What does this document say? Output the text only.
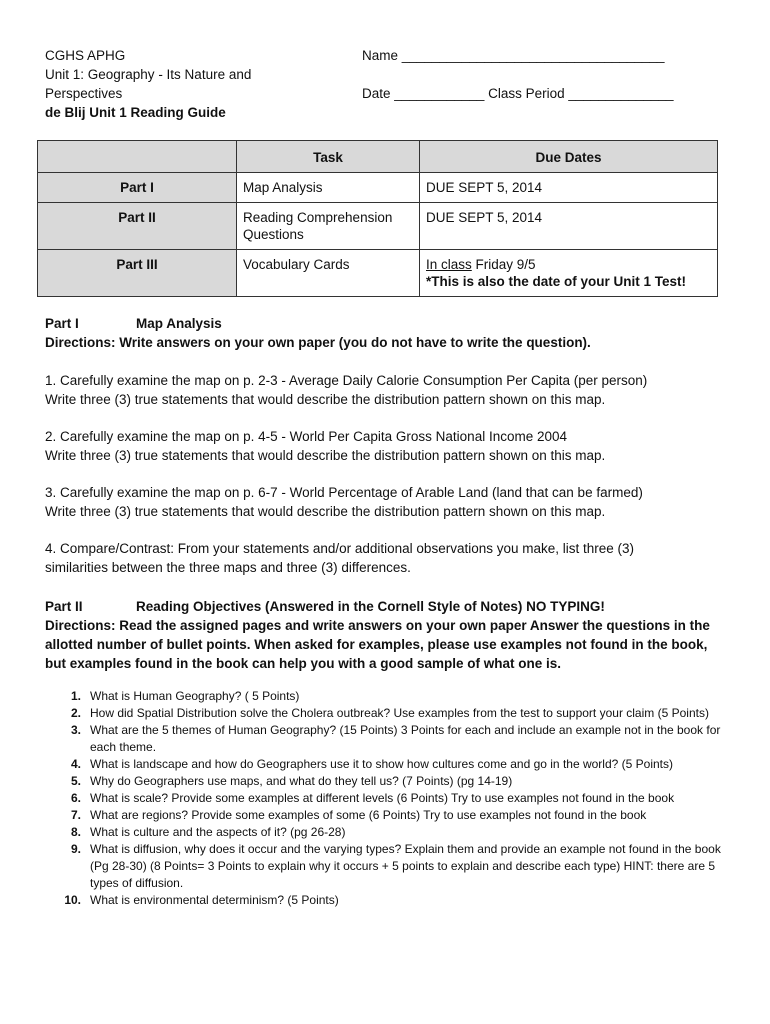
CGHS APHG
Unit 1: Geography - Its Nature and
Perspectives
de Blij Unit 1 Reading Guide
Name ___________________________________
Date ____________ Class Period ______________
	Task	Due Dates
Part I	Map Analysis	DUE SEPT 5, 2014
Part II	Reading Comprehension Questions	DUE SEPT 5, 2014
Part III	Vocabulary Cards	In class Friday 9/5
*This is also the date of your Unit 1 Test!
Part I	Map Analysis
Directions: Write answers on your own paper (you do not have to write the question).
1. Carefully examine the map on p. 2-3 - Average Daily Calorie Consumption Per Capita (per person)
Write three (3) true statements that would describe the distribution pattern shown on this map.
2. Carefully examine the map on p. 4-5 - World Per Capita Gross National Income 2004
Write three (3) true statements that would describe the distribution pattern shown on this map.
3. Carefully examine the map on p. 6-7 - World Percentage of Arable Land (land that can be farmed)
Write three (3) true statements that would describe the distribution pattern shown on this map.
4. Compare/Contrast: From your statements and/or additional observations you make, list three (3)
similarities between the three maps and three (3) differences.
Part II	Reading Objectives (Answered in the Cornell Style of Notes) NO TYPING!
Directions: Read the assigned pages and write answers on your own paper Answer the questions in the allotted number of bullet points. When asked for examples, please use examples not found in the book, but examples found in the book can help you with a good sample of what one is.
1. What is Human Geography? ( 5 Points)
2. How did Spatial Distribution solve the Cholera outbreak? Use examples from the test to support your claim (5 Points)
3. What are the 5 themes of Human Geography? (15 Points) 3 Points for each and include an example not in the book for each theme.
4. What is landscape and how do Geographers use it to show how cultures come and go in the world? (5 Points)
5. Why do Geographers use maps, and what do they tell us? (7 Points) (pg 14-19)
6. What is scale? Provide some examples at different levels (6 Points) Try to use examples not found in the book
7. What are regions? Provide some examples of some (6 Points) Try to use examples not found in the book
8. What is culture and the aspects of it? (pg 26-28)
9. What is diffusion, why does it occur and the varying types? Explain them and provide an example not found in the book (Pg 28-30) (8 Points= 3 Points to explain why it occurs + 5 points to explain and describe each type) HINT: there are 5 types of diffusion.
10. What is environmental determinism? (5 Points)
